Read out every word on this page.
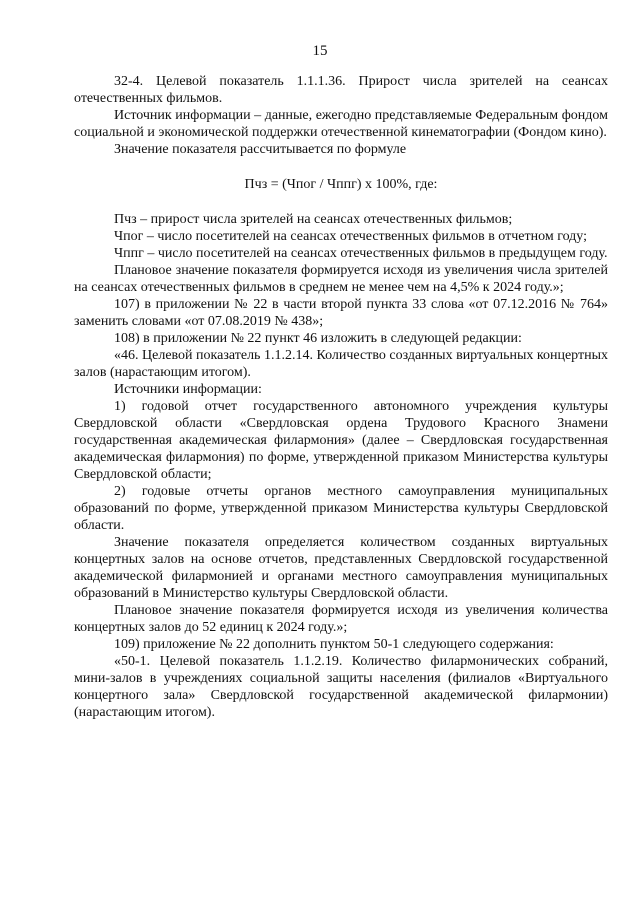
15

32-4. Целевой показатель 1.1.1.36. Прирост числа зрителей на сеансах отечественных фильмов.

Источник информации – данные, ежегодно представляемые Федеральным фондом социальной и экономической поддержки отечественной кинематографии (Фондом кино).

Значение показателя рассчитывается по формуле

Пчз = (Чпог / Чппг) х 100%, где:

Пчз – прирост числа зрителей на сеансах отечественных фильмов;

Чпог – число посетителей на сеансах отечественных фильмов в отчетном году;

Чппг – число посетителей на сеансах отечественных фильмов в предыдущем году.

Плановое значение показателя формируется исходя из увеличения числа зрителей на сеансах отечественных фильмов в среднем не менее чем на 4,5% к 2024 году.»;

107) в приложении № 22 в части второй пункта 33 слова «от 07.12.2016 № 764» заменить словами «от 07.08.2019 № 438»;

108) в приложении № 22 пункт 46 изложить в следующей редакции:

«46. Целевой показатель 1.1.2.14. Количество созданных виртуальных концертных залов (нарастающим итогом).

Источники информации:

1) годовой отчет государственного автономного учреждения культуры Свердловской области «Свердловская ордена Трудового Красного Знамени государственная академическая филармония» (далее – Свердловская государственная академическая филармония) по форме, утвержденной приказом Министерства культуры Свердловской области;

2) годовые отчеты органов местного самоуправления муниципальных образований по форме, утвержденной приказом Министерства культуры Свердловской области.

Значение показателя определяется количеством созданных виртуальных концертных залов на основе отчетов, представленных Свердловской государственной академической филармонией и органами местного самоуправления муниципальных образований в Министерство культуры Свердловской области.

Плановое значение показателя формируется исходя из увеличения количества концертных залов до 52 единиц к 2024 году.»;

109) приложение № 22 дополнить пунктом 50-1 следующего содержания:

«50-1. Целевой показатель 1.1.2.19. Количество филармонических собраний, мини-залов в учреждениях социальной защиты населения (филиалов «Виртуального концертного зала» Свердловской государственной академической филармонии) (нарастающим итогом).
